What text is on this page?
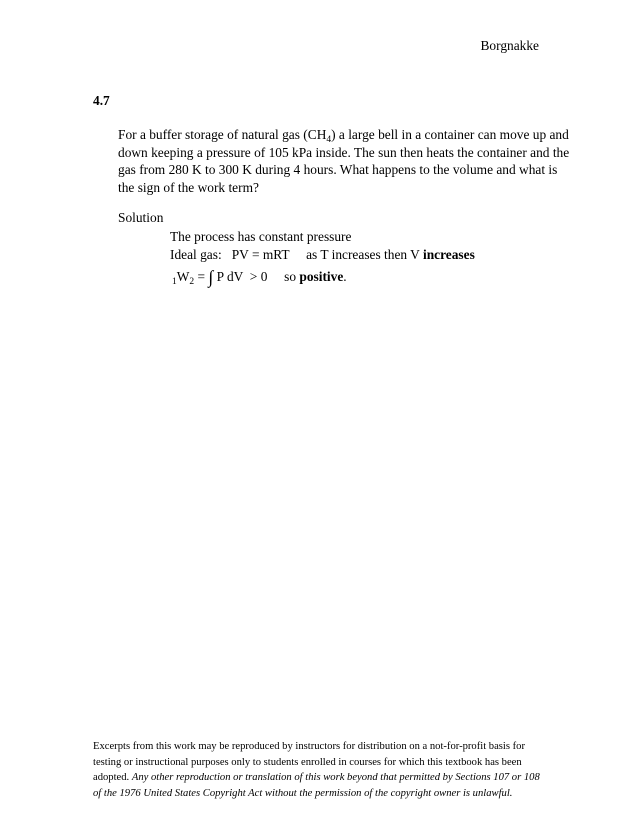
Borgnakke
4.7
For a buffer storage of natural gas $(CH_4)$ a large bell in a container can move up and
down keeping a pressure of 105 kPa inside. The sun then heats the container and the
gas from 280 K to 300 K during 4 hours. What happens to the volume and what is
the sign of the work term?
Solution
The process has constant pressure
Ideal gas:   PV = mRT     as T increases then V increases
$_1W_2$ = ∫ P dV  > 0     so positive.
Excerpts from this work may be reproduced by instructors for distribution on a not-for-profit basis for
testing or instructional purposes only to students enrolled in courses for which this textbook has been
adopted. Any other reproduction or translation of this work beyond that permitted by Sections 107 or 108
of the 1976 United States Copyright Act without the permission of the copyright owner is unlawful.
